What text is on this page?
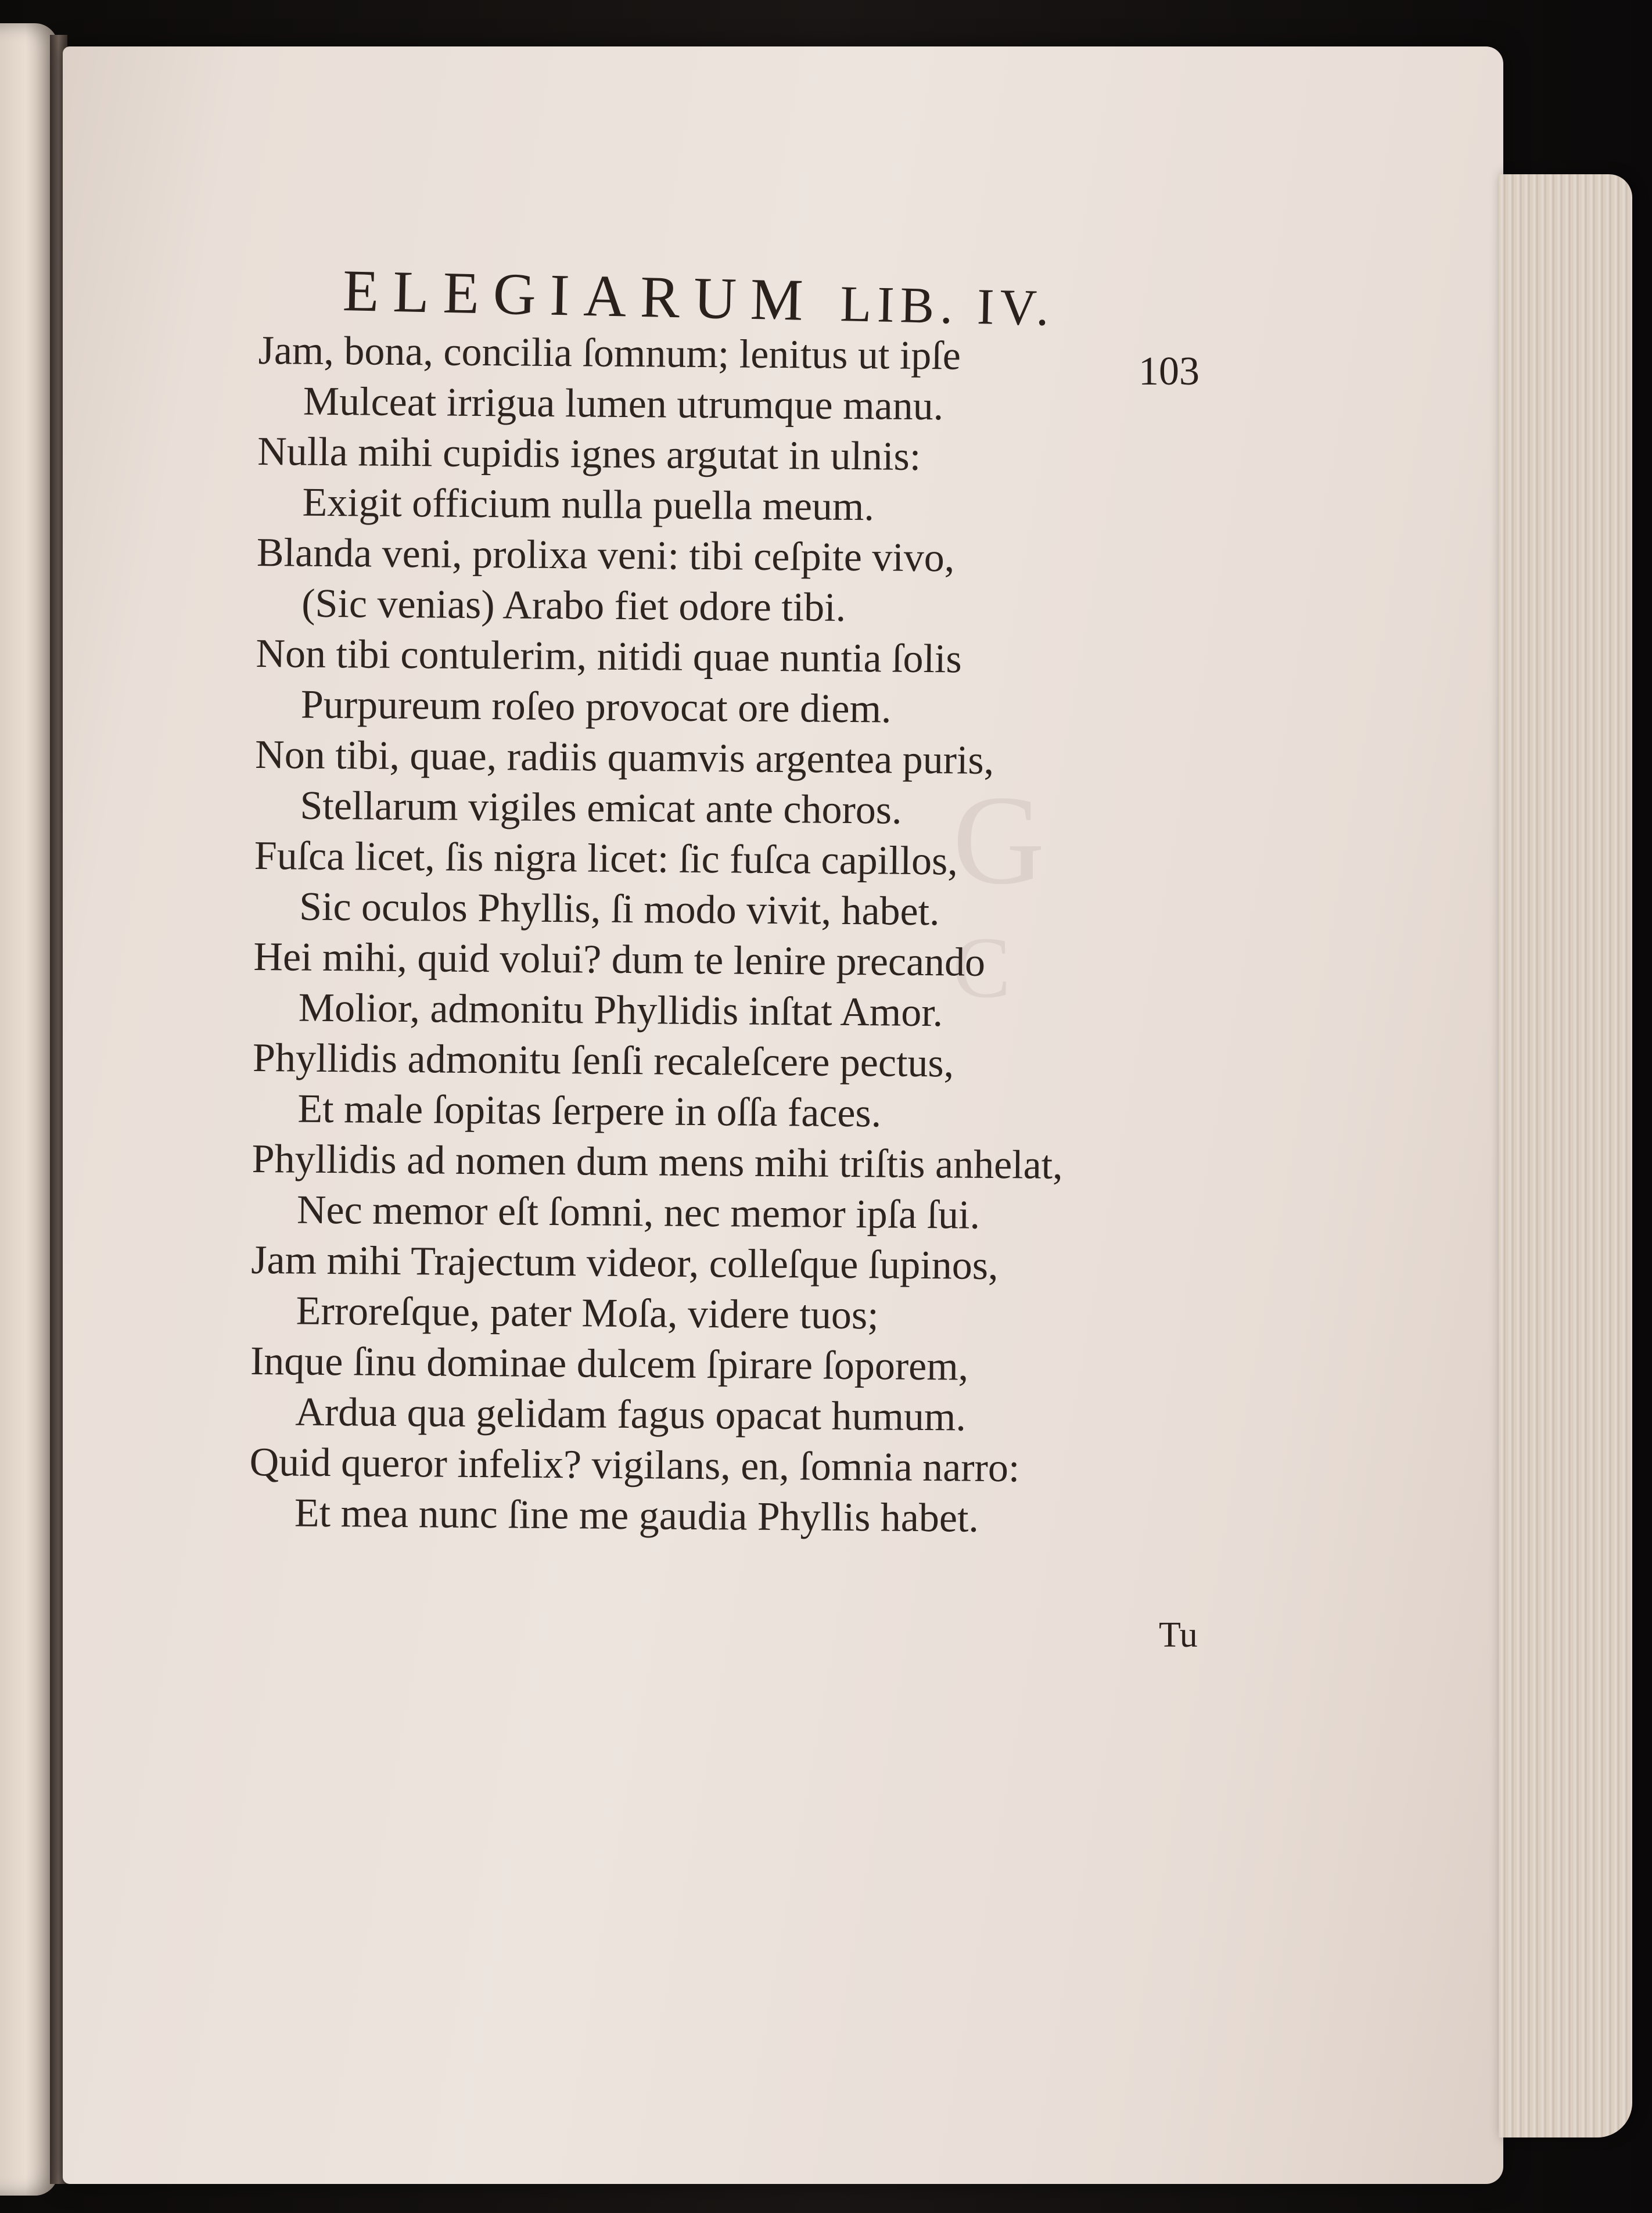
G
C
ELEGIARUM LIB. IV.
103
Jam, bona, concilia ſomnum; lenitus ut ipſe
Mulceat irrigua lumen utrumque manu.
Nulla mihi cupidis ignes argutat in ulnis:
Exigit officium nulla puella meum.
Blanda veni, prolixa veni: tibi ceſpite vivo,
(Sic venias) Arabo fiet odore tibi.
Non tibi contulerim, nitidi quae nuntia ſolis
Purpureum roſeo provocat ore diem.
Non tibi, quae, radiis quamvis argentea puris,
Stellarum vigiles emicat ante choros.
Fuſca licet, ſis nigra licet: ſic fuſca capillos,
Sic oculos Phyllis, ſi modo vivit, habet.
Hei mihi, quid volui? dum te lenire precando
Molior, admonitu Phyllidis inſtat Amor.
Phyllidis admonitu ſenſi recaleſcere pectus,
Et male ſopitas ſerpere in oſſa faces.
Phyllidis ad nomen dum mens mihi triſtis anhelat,
Nec memor eſt ſomni, nec memor ipſa ſui.
Jam mihi Trajectum videor, colleſque ſupinos,
Erroreſque, pater Moſa, videre tuos;
Inque ſinu dominae dulcem ſpirare ſoporem,
Ardua qua gelidam fagus opacat humum.
Quid queror infelix? vigilans, en, ſomnia narro:
Et mea nunc ſine me gaudia Phyllis habet.
Tu
